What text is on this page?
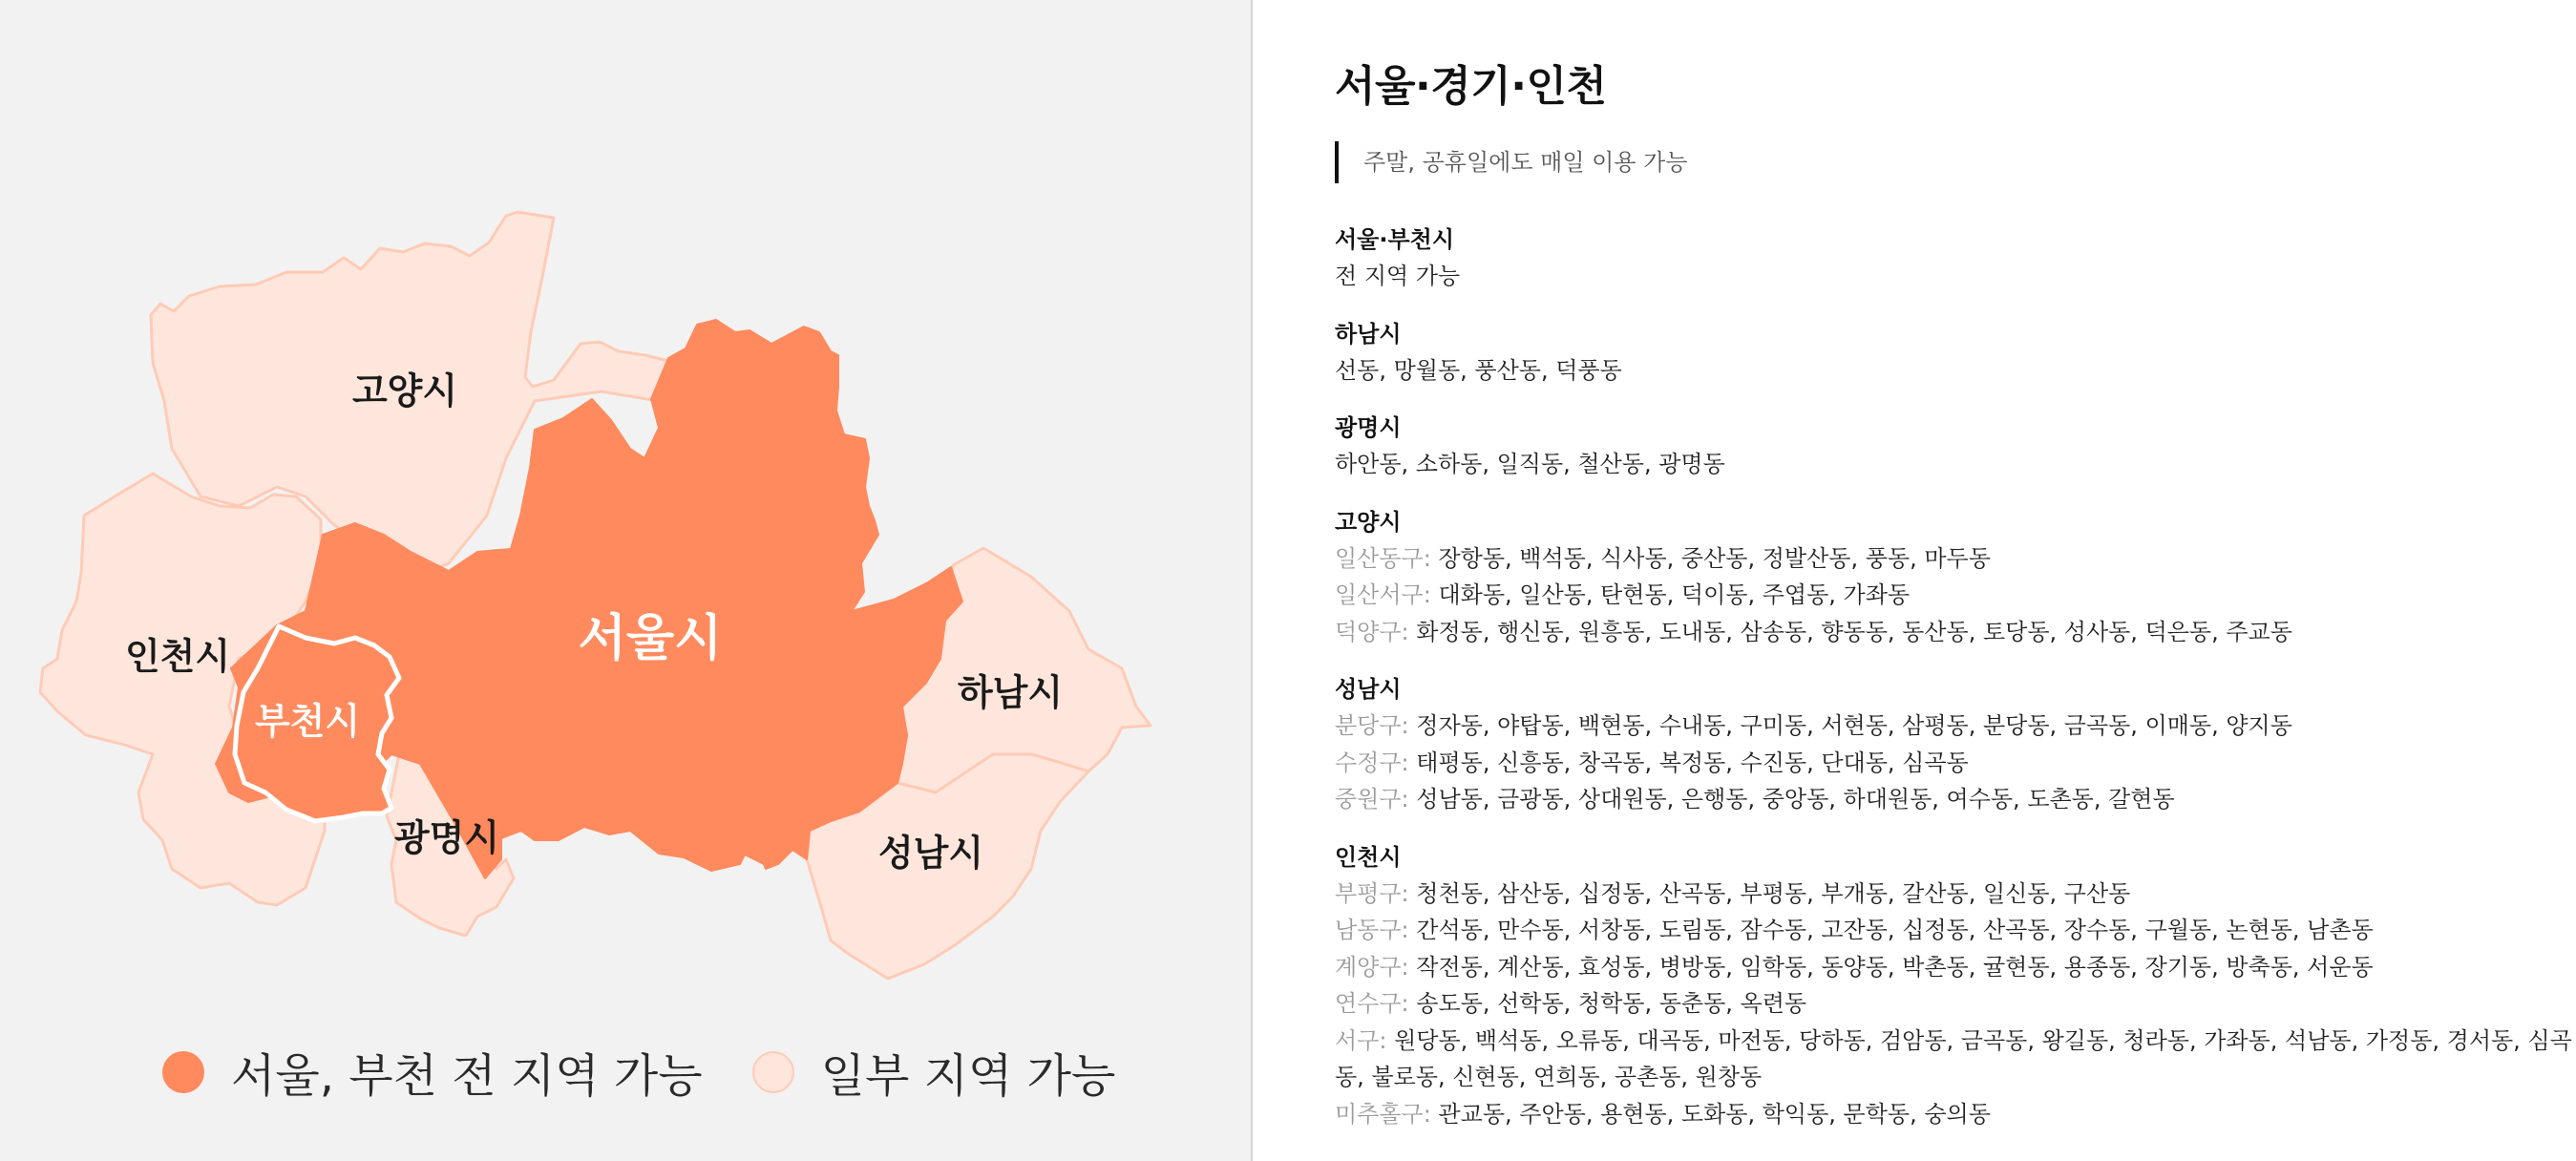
고양시
인천시
부천시
서울시
광명시
하남시
성남시
서울, 부천 전 지역 가능	일부 지역 가능
서울·경기·인천
주말, 공휴일에도 매일 이용 가능
서울·부천시
전 지역 가능
하남시
선동, 망월동, 풍산동, 덕풍동
광명시
하안동, 소하동, 일직동, 철산동, 광명동
고양시
일산동구: 장항동, 백석동, 식사동, 중산동, 정발산동, 풍동, 마두동
일산서구: 대화동, 일산동, 탄현동, 덕이동, 주엽동, 가좌동
덕양구: 화정동, 행신동, 원흥동, 도내동, 삼송동, 향동동, 동산동, 토당동, 성사동, 덕은동, 주교동
성남시
분당구: 정자동, 야탑동, 백현동, 수내동, 구미동, 서현동, 삼평동, 분당동, 금곡동, 이매동, 양지동
수정구: 태평동, 신흥동, 창곡동, 복정동, 수진동, 단대동, 심곡동
중원구: 성남동, 금광동, 상대원동, 은행동, 중앙동, 하대원동, 여수동, 도촌동, 갈현동
인천시
부평구: 청천동, 삼산동, 십정동, 산곡동, 부평동, 부개동, 갈산동, 일신동, 구산동
남동구: 간석동, 만수동, 서창동, 도림동, 잠수동, 고잔동, 십정동, 산곡동, 장수동, 구월동, 논현동, 남촌동
계양구: 작전동, 계산동, 효성동, 병방동, 임학동, 동양동, 박촌동, 귤현동, 용종동, 장기동, 방축동, 서운동
연수구: 송도동, 선학동, 청학동, 동춘동, 옥련동
서구: 원당동, 백석동, 오류동, 대곡동, 마전동, 당하동, 검암동, 금곡동, 왕길동, 청라동, 가좌동, 석남동, 가정동, 경서동, 심곡동, 불로동, 신현동, 연희동, 공촌동, 원창동
미추홀구: 관교동, 주안동, 용현동, 도화동, 학익동, 문학동, 숭의동
